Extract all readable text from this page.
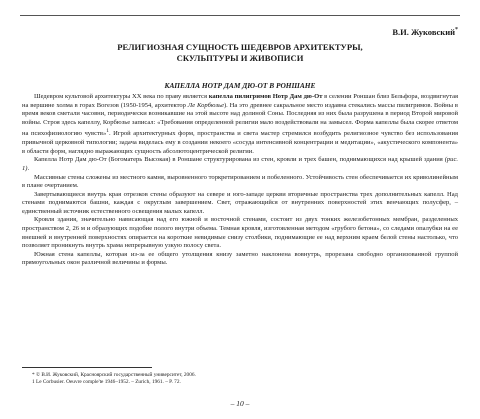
В.И. Жуковский*
РЕЛИГИОЗНАЯ СУЩНОСТЬ ШЕДЕВРОВ АРХИТЕКТУРЫ,
СКУЛЬПТУРЫ И ЖИВОПИСИ
КАПЕЛЛА НОТР ДАМ ДЮ-ОТ В РОНШАНЕ

Шедевром культовой архитектуры XX века по праву является капелла пилигримов Нотр Дам дю-От в селении Роншан близ Бельфора, воздвигнутая на вершине холма в горах Вогезов (1950-1954, архитектор Ле Корбюзье). На это древнее сакральное место издавна стекались массы пилигримов. Войны в время веков сметали часовни, периодически возникавшие на этой высоте над долиной Соны. Последняя из них была разрушена в период Второй мировой войны. Строя здесь капеллу, Корбюзье записал: «Требования определенной религии мало воздействовали на замысел. Форма капеллы была скорее ответом на психофизиологию чувств»$^1$. Игрой архитектурных форм, пространства и света мастер стремился возбудить религиозное чувство без использования привычной церковной типологии; задача виделась ему в создании некоего «сосуда интенсивной концентрации и медитации», «акустического компонента» в области форм, наглядно выражающих сущность абсолютоцентрической религии.

Капелла Нотр Дам дю-От (Богоматерь Высокая) в Роншане структурирована из стен, кровли и трех башен, поднимающихся над крышей здания (рис. 1).

Массивные стены сложены из местного камня, выровненного торкретированием и побеленного. Устойчивость стен обеспечивается их криволинейным в плане очертанием.

Завертывающиеся внутрь края отрезков стены образуют на севере и юго-западе церкви вторичные пространства трех дополнительных капелл. Над стенами поднимаются башни, каждая с округлым завершением. Свет, отражающийся от внутренних поверхностей этих венчающих полусфер, – единственный источник естественного освещения малых капелл.

Кровля здания, значительно нависающая над его южной и восточной стенами, состоит из двух тонких железобетонных мембран, разделенных пространством 2, 26 м и образующих подобие полого внутри объема. Темная кровля, изготовленная методом «грубого бетона», со следами опалубки на ее внешней и внутренней поверхностях опирается на короткие невидимые снизу столбики, поднимающие ее над верхним краем белой стены настолько, что позволяет проникнуть внутрь храма непрерывную узкую полосу света.

Южная стена капеллы, которая из-за ее общего утолщения книзу заметно наклонена вовнутрь, прорезана свободно организованной группой прямоугольных окон различной величины и формы.

* © В.И. Жуковский, Красноярский государственный университет, 2006.

1 Le Corbusier. Oeuvre comple'te 1946–1952. – Zurich, 1961. – P. 72.

– 10 –
